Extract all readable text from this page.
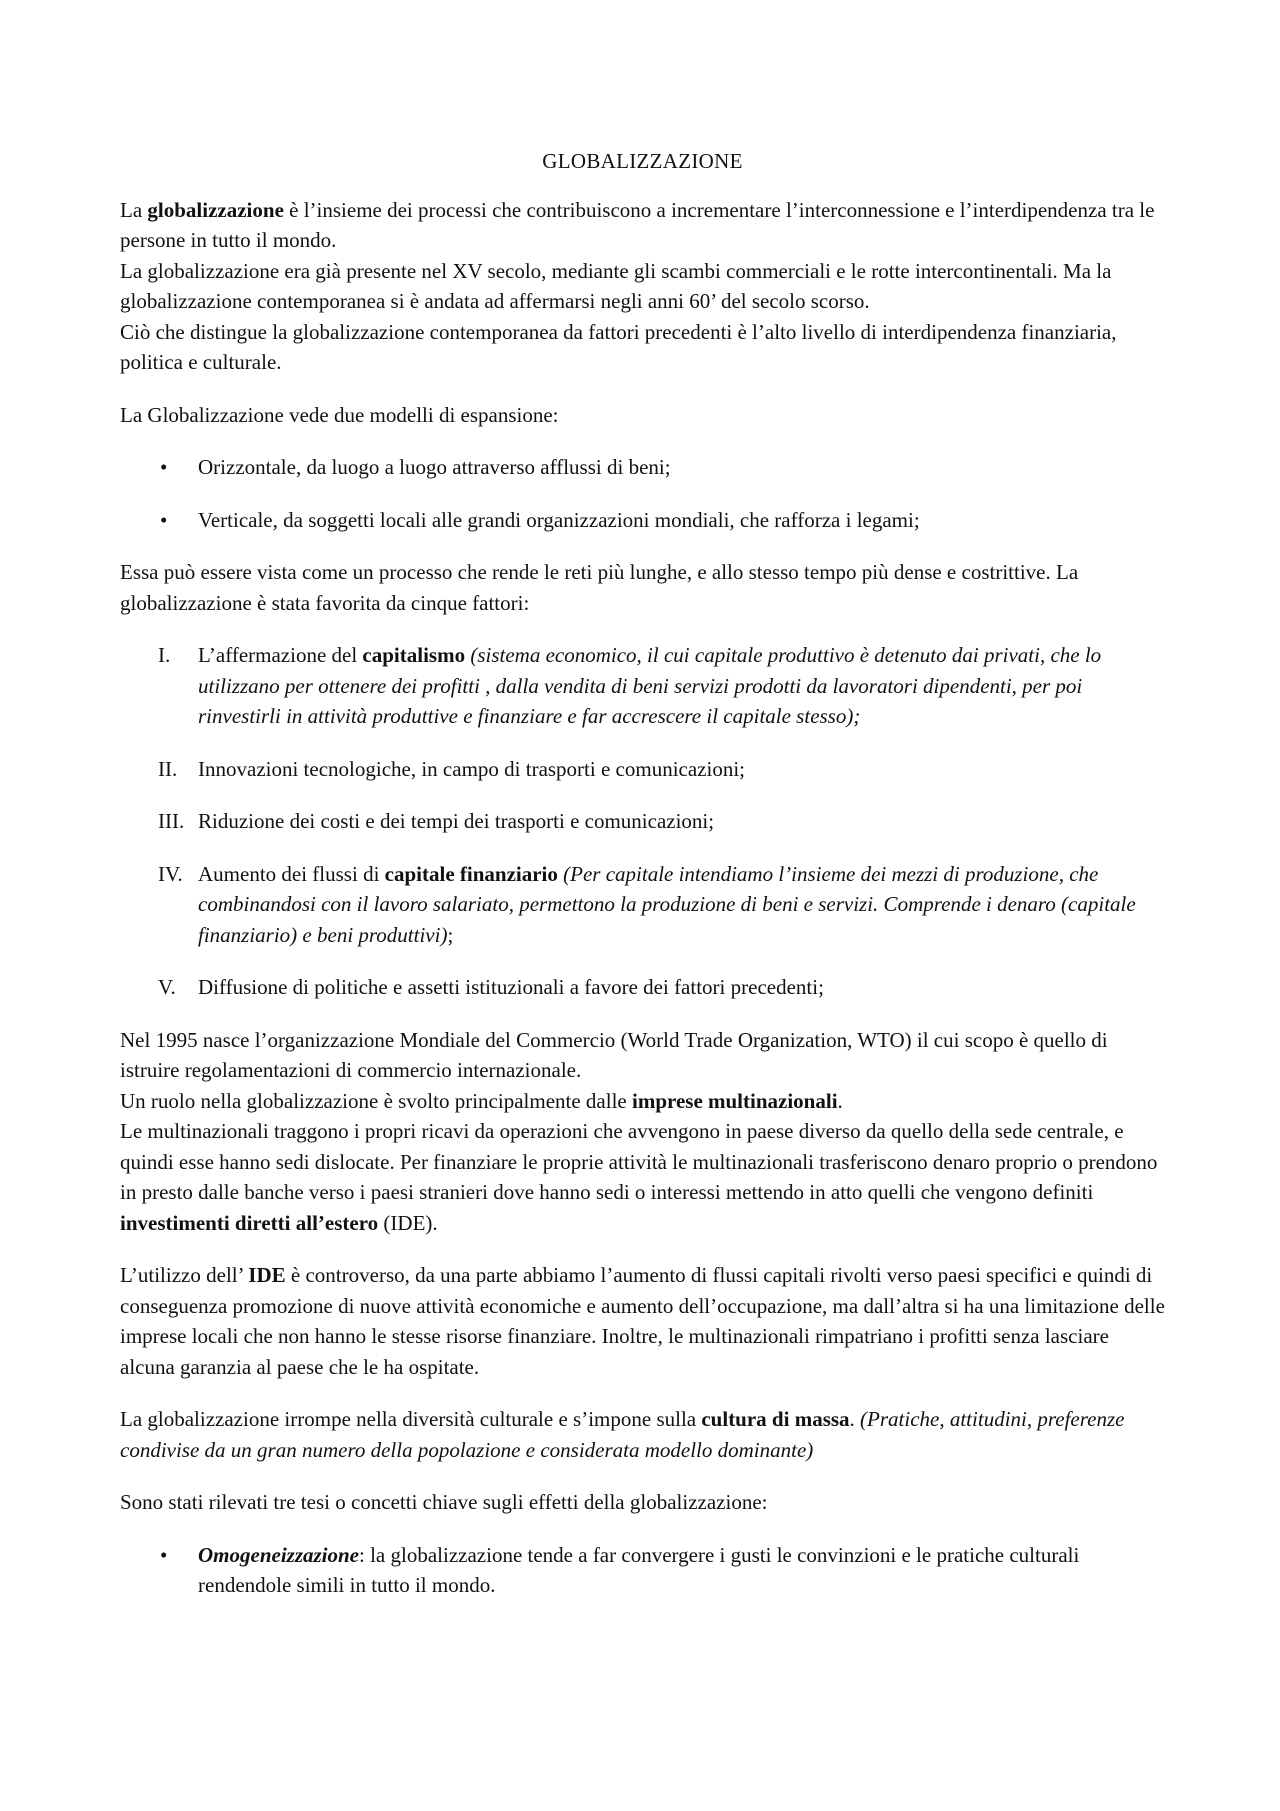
GLOBALIZZAZIONE

La globalizzazione è l’insieme dei processi che contribuiscono a incrementare l’interconnessione e l’interdipendenza tra le persone in tutto il mondo.
La globalizzazione era già presente nel XV secolo, mediante gli scambi commerciali e le rotte intercontinentali. Ma la globalizzazione contemporanea si è andata ad affermarsi negli anni 60’ del secolo scorso.
Ciò che distingue la globalizzazione contemporanea da fattori precedenti è l’alto livello di interdipendenza finanziaria, politica e culturale.

La Globalizzazione vede due modelli di espansione:

• Orizzontale, da luogo a luogo attraverso afflussi di beni;
• Verticale, da soggetti locali alle grandi organizzazioni mondiali, che rafforza i legami;

Essa può essere vista come un processo che rende le reti più lunghe, e allo stesso tempo più dense e costrittive. La globalizzazione è stata favorita da cinque fattori:

I. L’affermazione del capitalismo (sistema economico, il cui capitale produttivo è detenuto dai privati, che lo utilizzano per ottenere dei profitti , dalla vendita di beni servizi prodotti da lavoratori dipendenti, per poi rinvestirli in attività produttive e finanziare e far accrescere il capitale stesso);
II. Innovazioni tecnologiche, in campo di trasporti e comunicazioni;
III. Riduzione dei costi e dei tempi dei trasporti e comunicazioni;
IV. Aumento dei flussi di capitale finanziario (Per capitale intendiamo l’insieme dei mezzi di produzione, che combinandosi con il lavoro salariato, permettono la produzione di beni e servizi. Comprende i denaro (capitale finanziario) e beni produttivi);
V. Diffusione di politiche e assetti istituzionali a favore dei fattori precedenti;

Nel 1995 nasce l’organizzazione Mondiale del Commercio (World Trade Organization, WTO) il cui scopo è quello di istruire regolamentazioni di commercio internazionale.
Un ruolo nella globalizzazione è svolto principalmente dalle imprese multinazionali.
Le multinazionali traggono i propri ricavi da operazioni che avvengono in paese diverso da quello della sede centrale, e quindi esse hanno sedi dislocate. Per finanziare le proprie attività le multinazionali trasferiscono denaro proprio o prendono in presto dalle banche verso i paesi stranieri dove hanno sedi o interessi mettendo in atto quelli che vengono definiti investimenti diretti all’estero (IDE).

L’utilizzo dell’ IDE è controverso, da una parte abbiamo l’aumento di flussi capitali rivolti verso paesi specifici e quindi di conseguenza promozione di nuove attività economiche e aumento dell’occupazione, ma dall’altra si ha una limitazione delle imprese locali che non hanno le stesse risorse finanziare. Inoltre, le multinazionali rimpatriano i profitti senza lasciare alcuna garanzia al paese che le ha ospitate.

La globalizzazione irrompe nella diversità culturale e s’impone sulla cultura di massa. (Pratiche, attitudini, preferenze condivise da un gran numero della popolazione e considerata modello dominante)

Sono stati rilevati tre tesi o concetti chiave sugli effetti della globalizzazione:

• Omogeneizzazione: la globalizzazione tende a far convergere i gusti le convinzioni e le pratiche culturali rendendole simili in tutto il mondo.
